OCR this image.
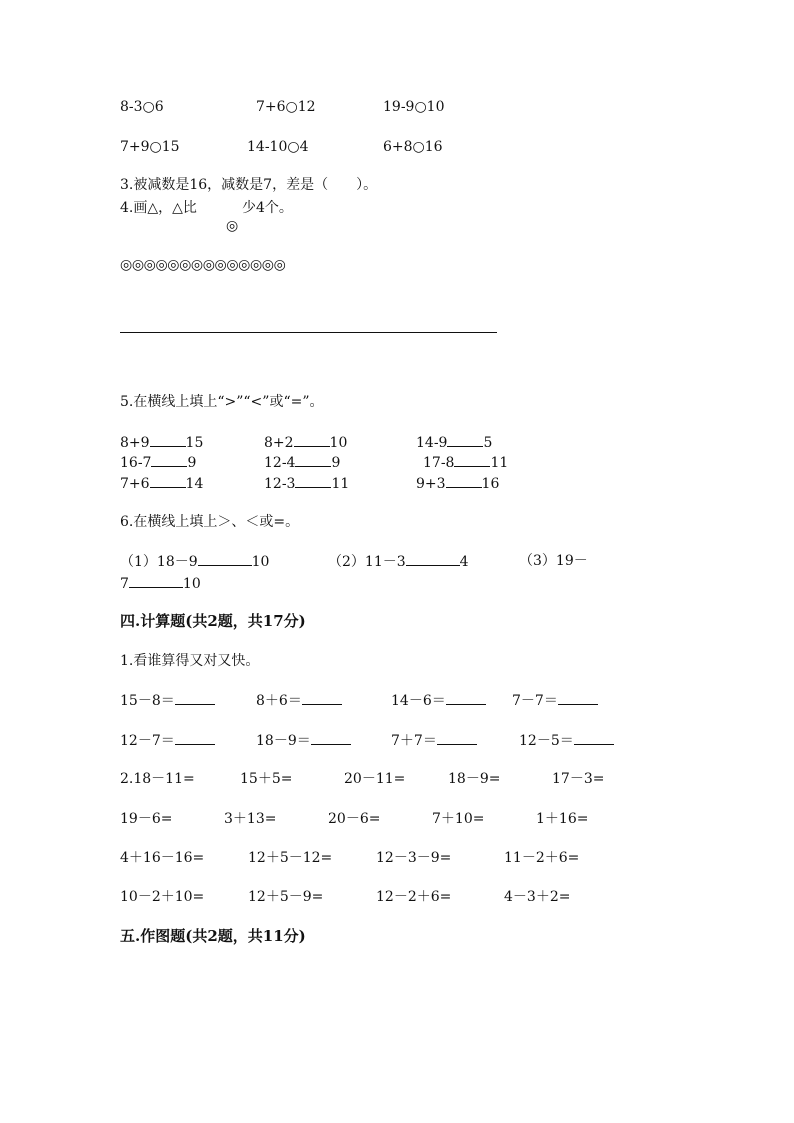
8-3○6	7+6○12	19-9○10
7+9○15	14-10○4	6+8○16
3.被减数是16，减数是7，差是（　　）。
4.画△，△比	少4个。
◎
◎◎◎◎◎◎◎◎◎◎◎◎◎◎
5.在横线上填上“>”“<”或“=”。
8+9	15	8+2	10	14-9	5
16-7	9	12-4	9	17-8	11
7+6	14	12-3	11	9+3	16
6.在横线上填上＞、＜或=。
（1）18－9	10	（2）11－3	4	（3）19－
7	10
四.计算题(共2题，共17分)
1.看谁算得又对又快。
15－8＝	8＋6＝	14－6＝	7－7＝
12－7＝	18－9＝	7＋7＝	12－5＝
2.18－11=	15＋5=	20－11=	18－9=	17－3=
19－6=	3＋13=	20－6=	7＋10=	1＋16=
4＋16－16=	12＋5－12=	12－3－9=	11－2＋6=
10－2＋10=	12＋5－9=	12－2＋6=	4－3＋2=
五.作图题(共2题，共11分)
